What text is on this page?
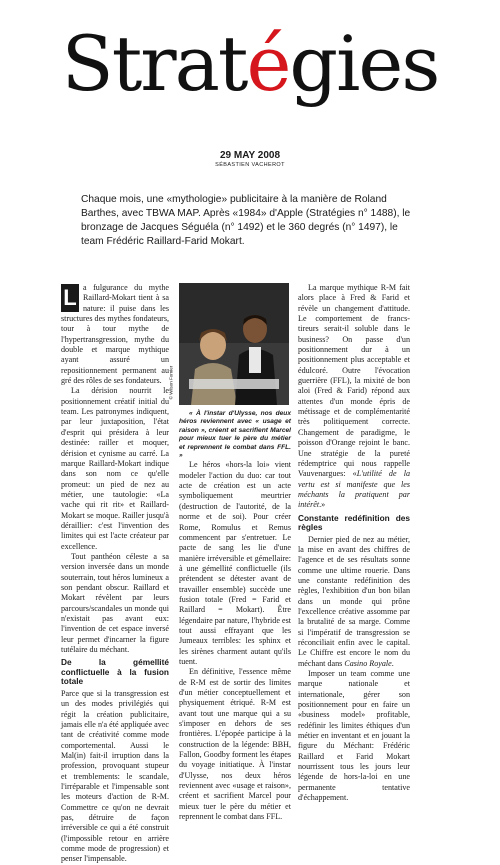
Stratégies
29 MAY 2008
SÉBASTIEN VACHEROT
Chaque mois, une «mythologie» publicitaire à la manière de Roland Barthes, avec TBWA MAP. Après «1984» d'Apple (Stratégies n° 1488), le bronzage de Jacques Séguéla (n° 1492) et le 360 degrés (n° 1497), le team Frédéric Raillard-Farid Mokart.

L a fulgurance du mythe Raillard-Mokart tient à sa nature: il puise dans les structures des mythes fondateurs, tour à tour mythe de l'hypertransgression, mythe du double et marque mythique ayant assuré un repositionnement permanent au gré des rôles de ses fondateurs.

La dérision nourrit le positionnement créatif initial du team. Les patronymes indiquent, par leur juxtaposition, l'état d'esprit qui présidera à leur destinée: railler et moquer, dérision et cynisme au carré. La marque Raillard-Mokart indique dans son nom ce qu'elle promeut: un pied de nez au métier, une tautologie: «La vache qui rit rit» et Raillard-Mokart se moque. Railler jusqu'à déraillier: c'est l'invention des limites qui est l'acte créateur par excellence.

Tout panthéon céleste a sa version inversée dans un monde souterrain, tout héros lumineux a son pendant obscur. Raillard et Mokart révèlent par leurs parcours/scandales un monde qui n'existait pas avant eux: l'invention de cet espace inversé leur permet d'incarner la figure tutélaire du méchant.

De la gémellité conflictuelle à la fusion totale

Parce que si la transgression est un des modes privilégiés qui régit la création publicitaire, jamais elle n'a été appliquée avec tant de créativité comme mode comportemental. Aussi le Mal(in) fait-il irruption dans la profession, provoquant stupeur et tremblements: le scandale, l'irréparable et l'impensable sont les moteurs d'action de R-M. Commettre ce qu'on ne devrait pas, détruire de façon irréversible ce qui a été construit (l'impossible retour en arrière comme mode de progression) et penser l'impensable.

© Wilson Fornier

« À l'instar d'Ulysse, nos deux héros reviennent avec « usage et raison », créent et sacrifient Marcel pour mieux tuer le père du métier et reprennent le combat dans FFL. »

Le héros «hors-la loi» vient modeler l'action du duo: car tout acte de création est un acte symboliquement meurtrier (destruction de l'autorité, de la norme et de soi). Pour créer Rome, Romulus et Remus commencent par s'entretuer. Le pacte de sang les lie d'une manière irréversible et gémellaire: à une gémellité conflictuelle (ils prétendent se détester avant de travailler ensemble) succède une fusion totale (Fred = Farid et Raillard = Mokart). Être légendaire par nature, l'hybride est tout aussi effrayant que les Jumeaux terribles: les sphinx et les sirènes charment autant qu'ils tuent.

En définitive, l'essence même de R-M est de sortir des limites d'un métier conceptuellement et physiquement étriqué. R-M est avant tout une marque qui a su s'imposer en dehors de ses frontières. L'épopée participe à la construction de la légende: BBH, Fallon, Goodby forment les étapes du voyage initiatique. À l'instar d'Ulysse, nos deux héros reviennent avec «usage et raison», créent et sacrifient Marcel pour mieux tuer le père du métier et reprennent le combat dans FFL.

La marque mythique R-M fait alors place à Fred & Farid et révèle un changement d'attitude. Le comportement de francs-tireurs serait-il soluble dans le business? On passe d'un positionnement dur à un positionnement plus acceptable et édulcoré. Outre l'évocation guerrière (FFL), la mixité de bon aloi (Fred & Farid) répond aux attentes d'un monde épris de métissage et de complémentarité très politiquement correcte. Changement de paradigme, le poisson d'Orange rejoint le banc. Une stratégie de la pureté rédemptrice qui nous rappelle Vauvenargues: «L'utilité de la vertu est si manifeste que les méchants la pratiquent par intérêt.»

Constante redéfinition des règles

Dernier pied de nez au métier, la mise en avant des chiffres de l'agence et de ses résultats sonne comme une ultime rouerie. Dans une constante redéfinition des règles, l'exhibition d'un bon bilan dans un monde qui prône l'excellence créative assomme par la brutalité de sa marge. Comme si l'impératif de transgression se réconciliait enfin avec le capital. Le Chiffre est encore le nom du méchant dans Casino Royale.

Imposer un team comme une marque nationale et internationale, gérer son positionnement pour en faire un «business model» profitable, redéfinir les limites éthiques d'un métier en inventant et en jouant la figure du Méchant: Frédéric Raillard et Farid Mokart nourrissent tous les jours leur légende de hors-la-loi en une permanente tentative d'échappement.
